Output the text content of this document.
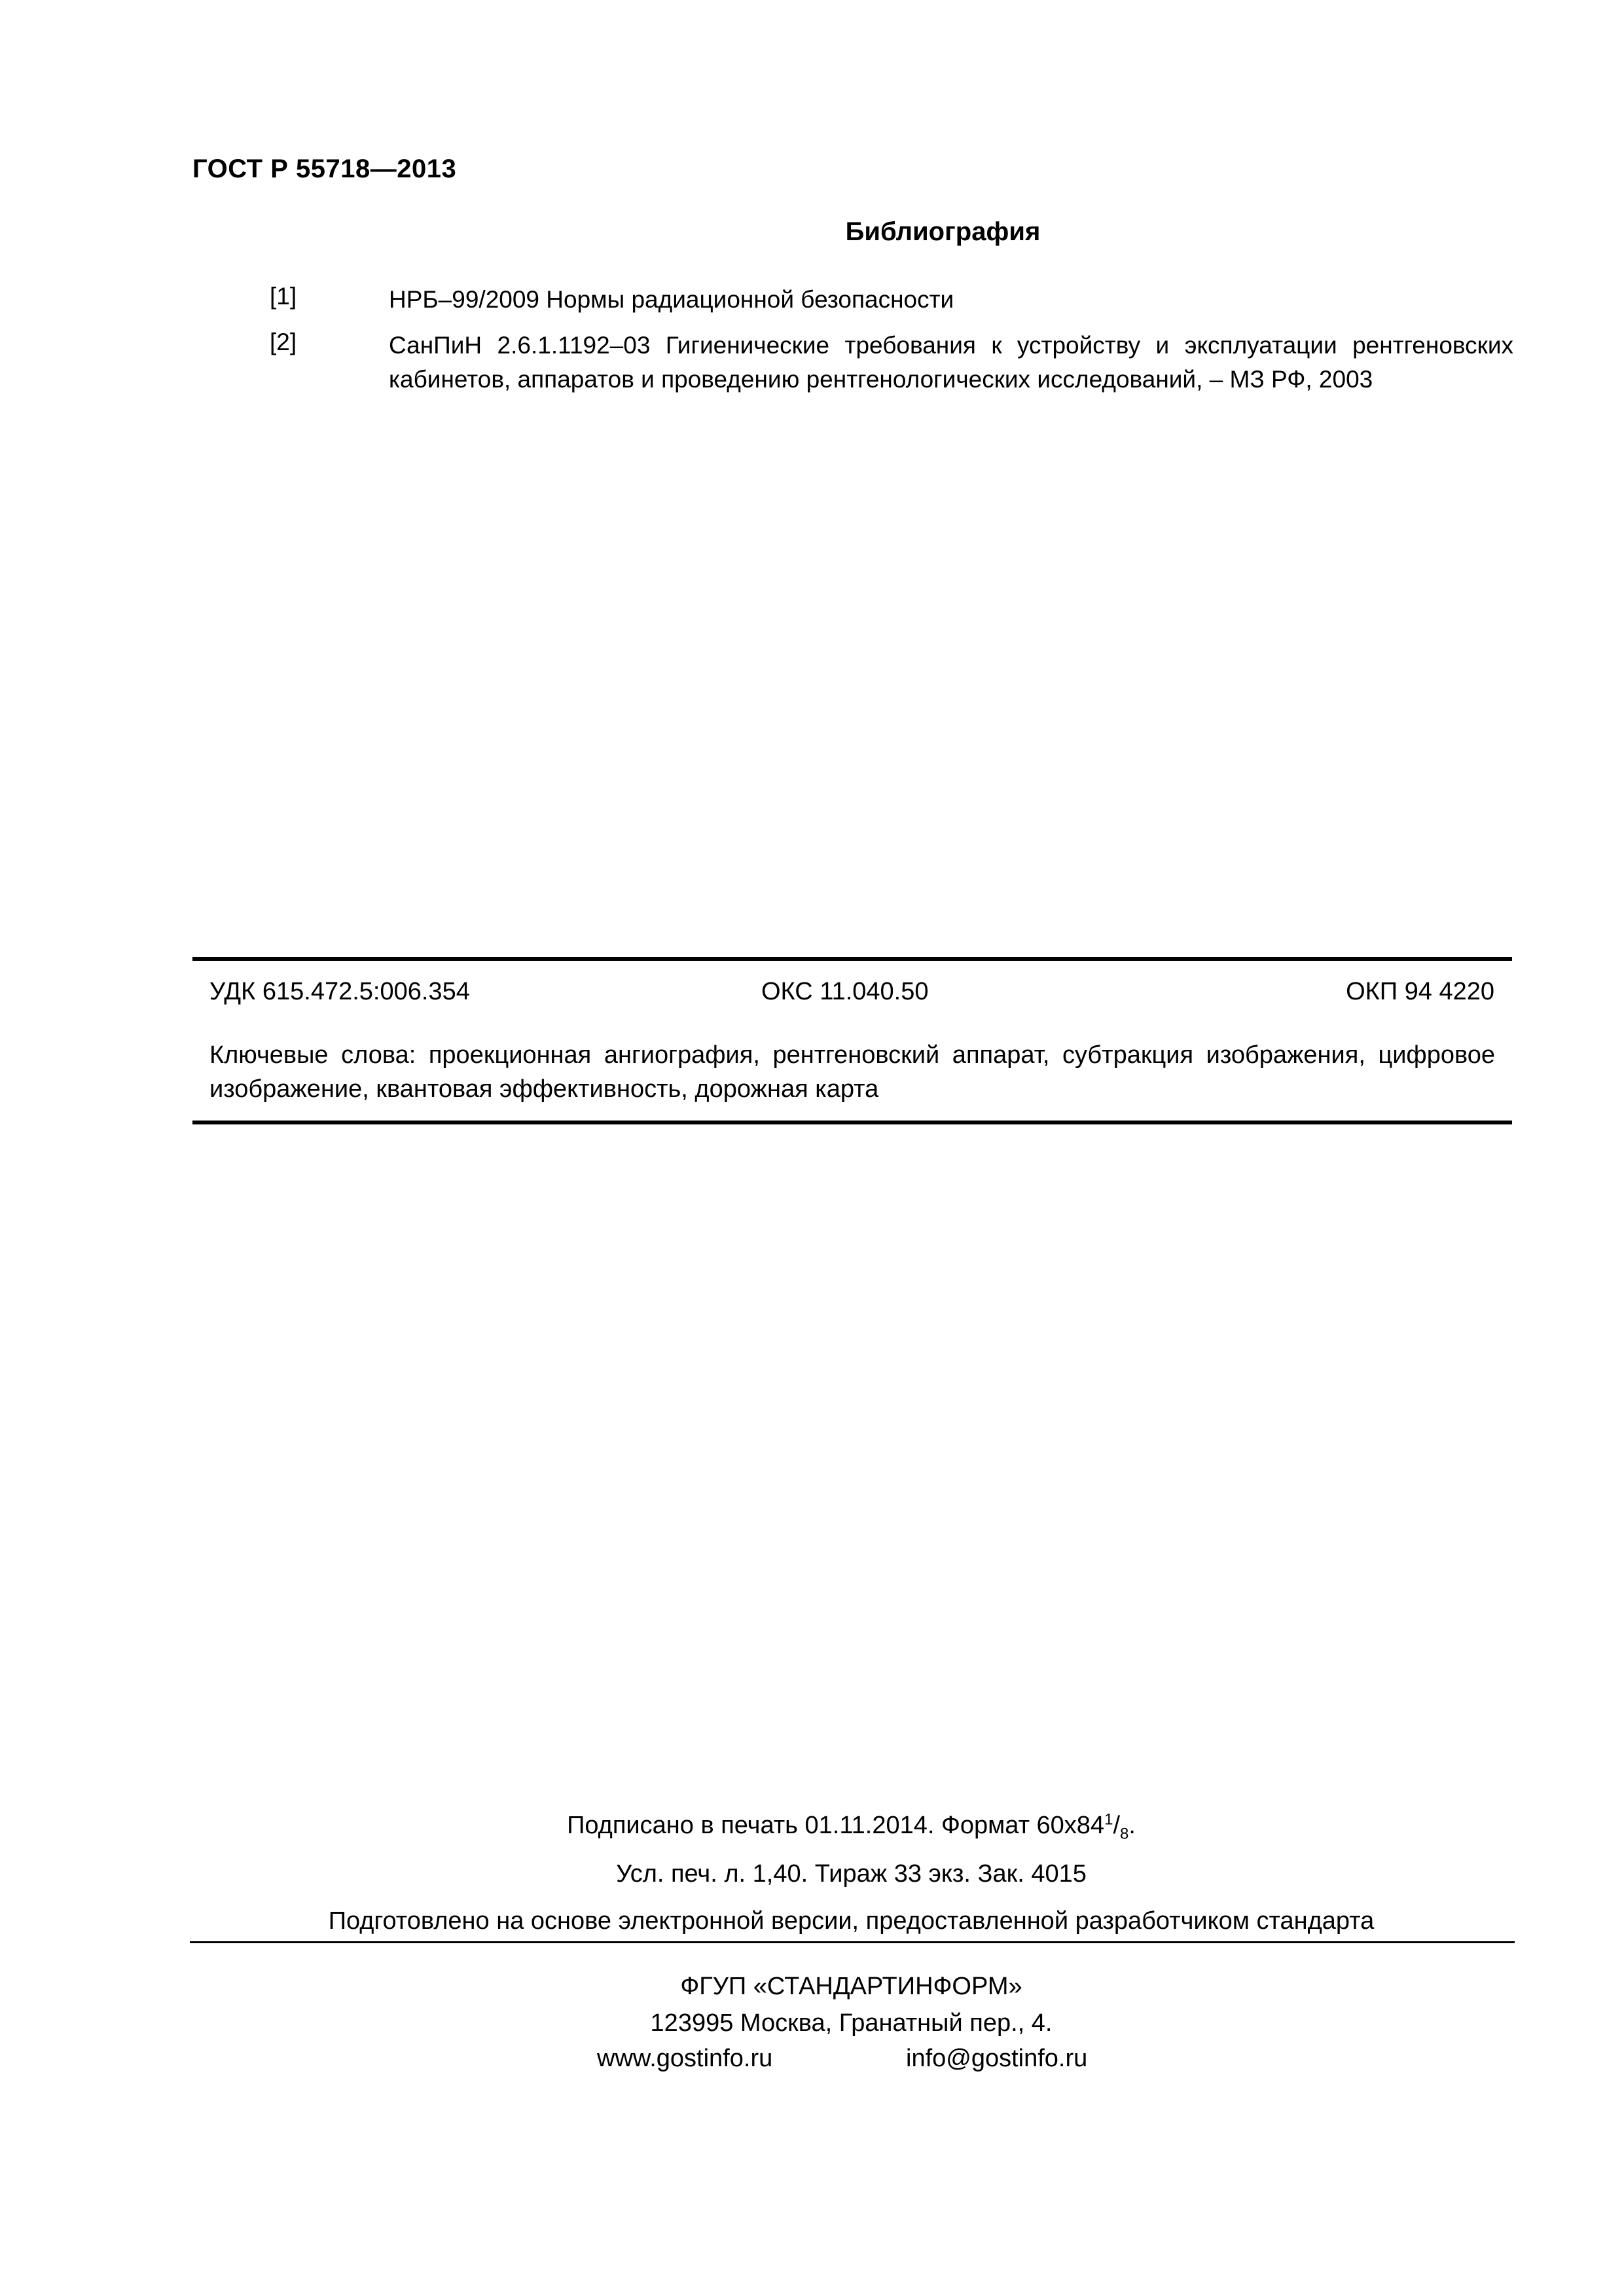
ГОСТ Р 55718—2013
Библиография
[1]	НРБ–99/2009 Нормы радиационной безопасности
[2]	СанПиН 2.6.1.1192–03 Гигиенические требования к устройству и эксплуатации рентгеновских кабинетов, аппаратов и проведению рентгенологических исследований, – МЗ РФ, 2003
УДК 615.472.5:006.354	ОКС 11.040.50	ОКП 94 4220
Ключевые слова: проекционная ангиография, рентгеновский аппарат, субтракция изображения, цифровое изображение, квантовая эффективность, дорожная карта
Подписано в печать 01.11.2014. Формат $60x84^1/_8$.
Усл. печ. л. 1,40. Тираж 33 экз. Зак. 4015
Подготовлено на основе электронной версии, предоставленной разработчиком стандарта
ФГУП «СТАНДАРТИНФОРМ»
123995 Москва, Гранатный пер., 4.
www.gostinfo.ru	info@gostinfo.ru
